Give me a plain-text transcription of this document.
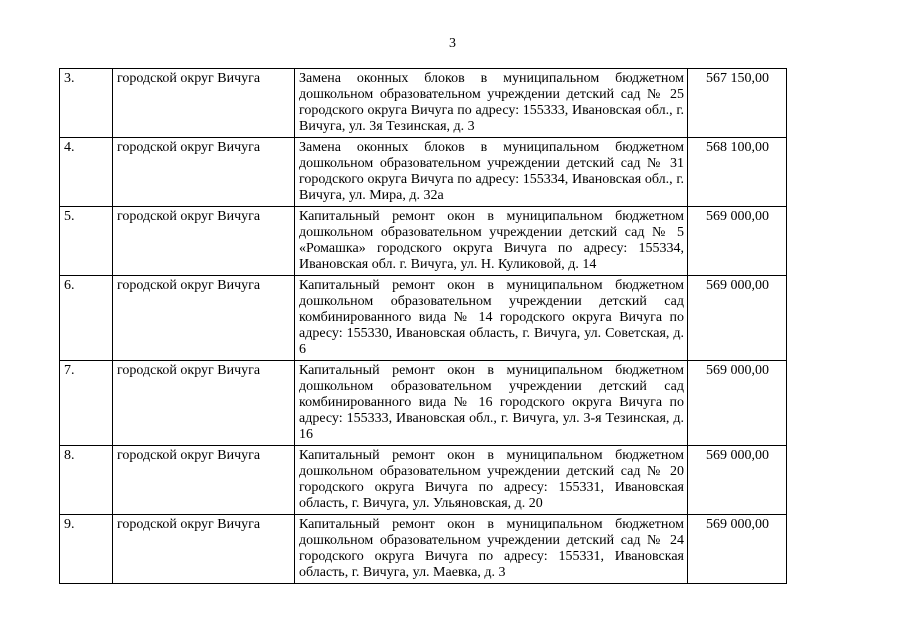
3
3.	городской округ Вичуга	Замена оконных блоков в муниципальном бюджетном дошкольном образовательном учреждении детский сад № 25 городского округа Вичуга по адресу: 155333, Ивановская обл., г. Вичуга, ул. 3я Тезинская, д. 3	567 150,00
4.	городской округ Вичуга	Замена оконных блоков в муниципальном бюджетном дошкольном образовательном учреждении детский сад № 31 городского округа Вичуга по адресу: 155334, Ивановская обл., г. Вичуга, ул. Мира, д. 32а	568 100,00
5.	городской округ Вичуга	Капитальный ремонт окон в муниципальном бюджетном дошкольном образовательном учреждении детский сад № 5 «Ромашка» городского округа Вичуга по адресу: 155334, Ивановская обл. г. Вичуга, ул. Н. Куликовой, д. 14	569 000,00
6.	городской округ Вичуга	Капитальный ремонт окон в муниципальном бюджетном дошкольном образовательном учреждении детский сад комбинированного вида № 14 городского округа Вичуга по адресу: 155330, Ивановская область, г. Вичуга, ул. Советская, д. 6	569 000,00
7.	городской округ Вичуга	Капитальный ремонт окон в муниципальном бюджетном дошкольном образовательном учреждении детский сад комбинированного вида № 16 городского округа Вичуга по адресу: 155333, Ивановская обл., г. Вичуга, ул. 3-я Тезинская, д. 16	569 000,00
8.	городской округ Вичуга	Капитальный ремонт окон в муниципальном бюджетном дошкольном образовательном учреждении детский сад № 20 городского округа Вичуга по адресу: 155331, Ивановская область, г. Вичуга, ул. Ульяновская, д. 20	569 000,00
9.	городской округ Вичуга	Капитальный ремонт окон в муниципальном бюджетном дошкольном образовательном учреждении детский сад № 24 городского округа Вичуга по адресу: 155331, Ивановская область, г. Вичуга, ул. Маевка, д. 3	569 000,00
